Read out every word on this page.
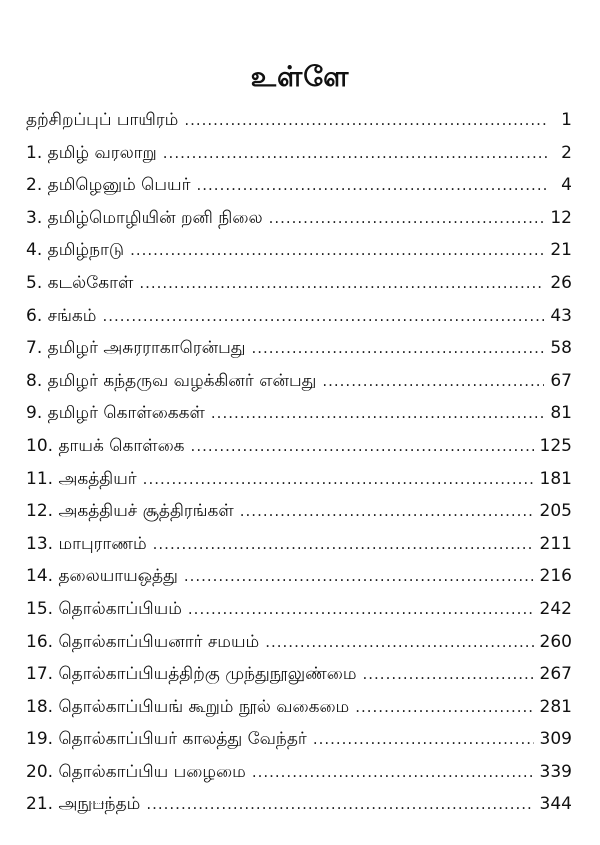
உள்ளே
தற்சிறப்புப் பாயிரம் .....	1
1. தமிழ் வரலாறு .....	2
2. தமிழெனும் பெயர் .....	4
3. தமிழ்மொழியின் றனி நிலை .....	12
4. தமிழ்நாடு .....	21
5. கடல்கோள் .....	26
6. சங்கம் .....	43
7. தமிழர் அசுரராகாரென்பது .....	58
8. தமிழர் கந்தருவ வழக்கினர் என்பது .....	67
9. தமிழர் கொள்கைகள் .....	81
10. தாயக் கொள்கை .....	125
11. அகத்தியர் .....	181
12. அகத்தியச் சூத்திரங்கள் .....	205
13. மாபுராணம் .....	211
14. தலையாயஒத்து .....	216
15. தொல்காப்பியம் .....	242
16. தொல்காப்பியனார் சமயம் .....	260
17. தொல்காப்பியத்திற்கு முந்துநூலுண்மை .....	267
18. தொல்காப்பியங் கூறும் நூல் வகைமை .....	281
19. தொல்காப்பியர் காலத்து வேந்தர் .....	309
20. தொல்காப்பிய பழைமை .....	339
21. அநுபந்தம் .....	344
